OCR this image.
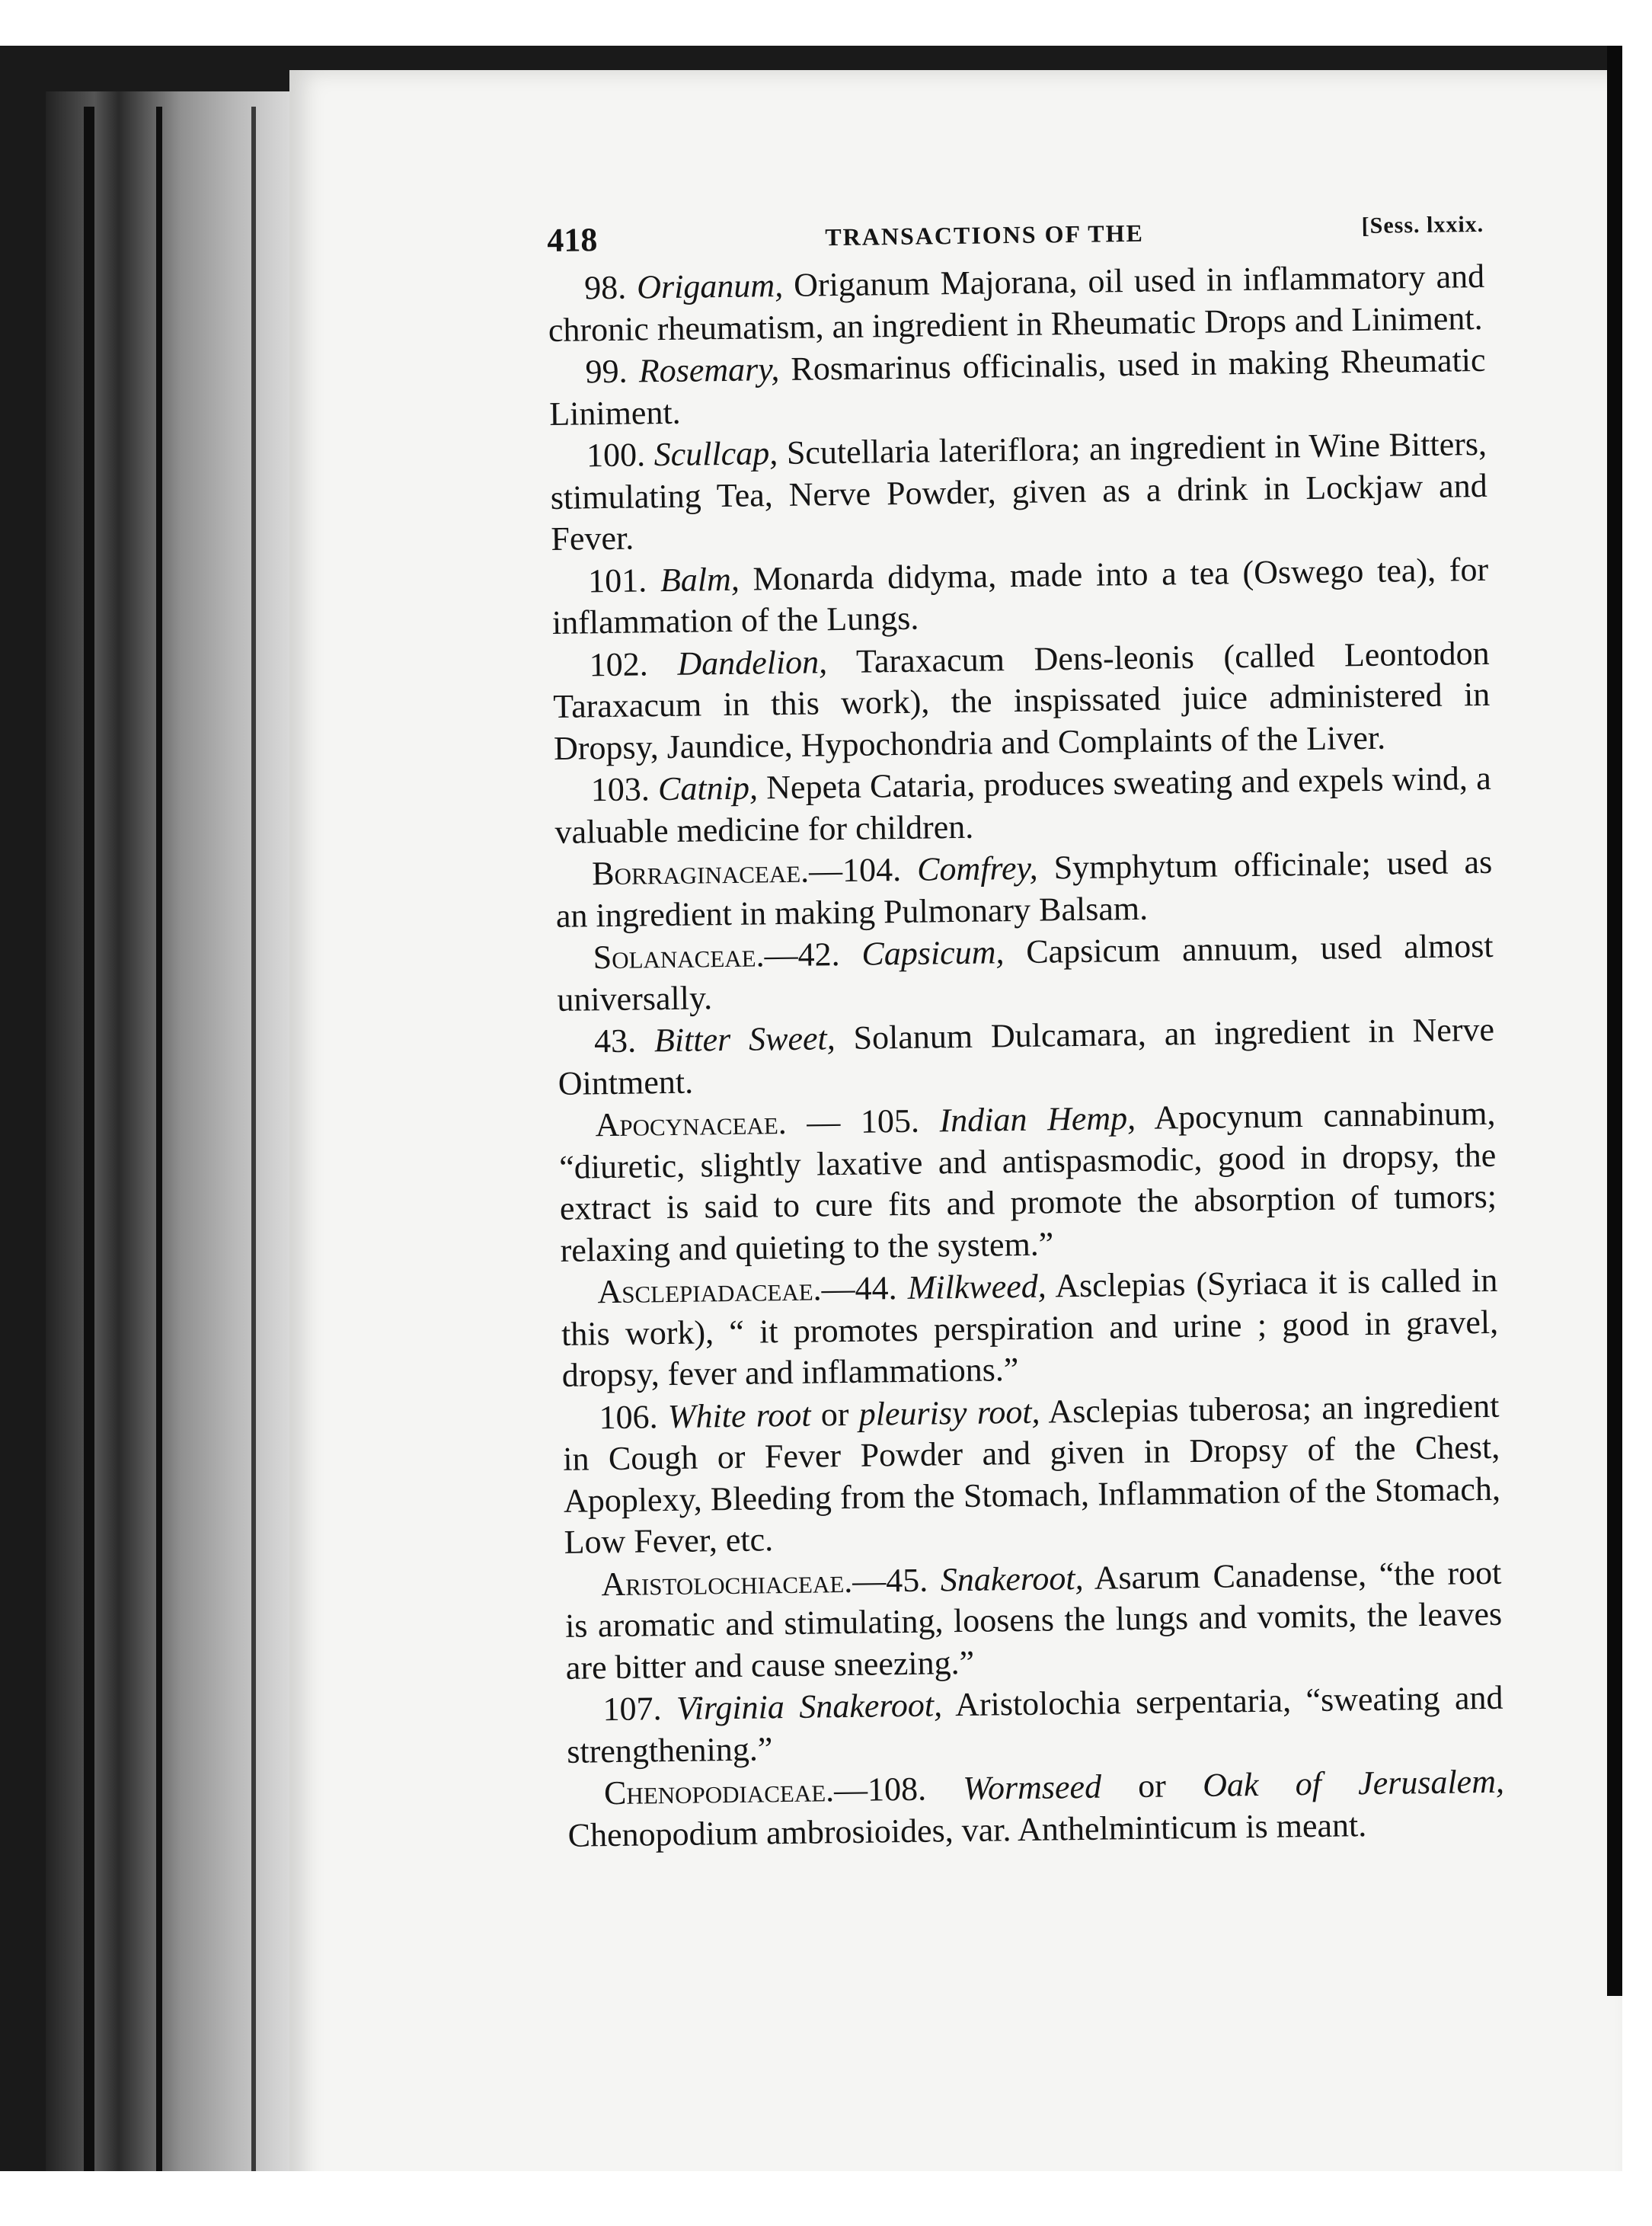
418	TRANSACTIONS OF THE	[Sess. lxxix.

98. Origanum, Origanum Majorana, oil used in inflammatory and chronic rheumatism, an ingredient in Rheumatic Drops and Liniment.

99. Rosemary, Rosmarinus officinalis, used in making Rheumatic Liniment.

100. Scullcap, Scutellaria lateriflora; an ingredient in Wine Bitters, stimulating Tea, Nerve Powder, given as a drink in Lockjaw and Fever.

101. Balm, Monarda didyma, made into a tea (Oswego tea), for inflammation of the Lungs.

102. Dandelion, Taraxacum Dens-leonis (called Leontodon Taraxacum in this work), the inspissated juice administered in Dropsy, Jaundice, Hypochondria and Complaints of the Liver.

103. Catnip, Nepeta Cataria, produces sweating and expels wind, a valuable medicine for children.

Borraginaceae.—104. Comfrey, Symphytum officinale; used as an ingredient in making Pulmonary Balsam.

Solanaceae.—42. Capsicum, Capsicum annuum, used almost universally.

43. Bitter Sweet, Solanum Dulcamara, an ingredient in Nerve Ointment.

Apocynaceae. — 105. Indian Hemp, Apocynum cannabinum, “diuretic, slightly laxative and antispasmodic, good in dropsy, the extract is said to cure fits and promote the absorption of tumors; relaxing and quieting to the system.”

Asclepiadaceae.—44. Milkweed, Asclepias (Syriaca it is called in this work), “ it promotes perspiration and urine ; good in gravel, dropsy, fever and inflammations.”

106. White root or pleurisy root, Asclepias tuberosa; an ingredient in Cough or Fever Powder and given in Dropsy of the Chest, Apoplexy, Bleeding from the Stomach, Inflammation of the Stomach, Low Fever, etc.

Aristolochiaceae.—45. Snakeroot, Asarum Canadense, “the root is aromatic and stimulating, loosens the lungs and vomits, the leaves are bitter and cause sneezing.”

107. Virginia Snakeroot, Aristolochia serpentaria, “sweating and strengthening.”

Chenopodiaceae.—108. Wormseed or Oak of Jerusalem, Chenopodium ambrosioides, var. Anthelminticum is meant.
